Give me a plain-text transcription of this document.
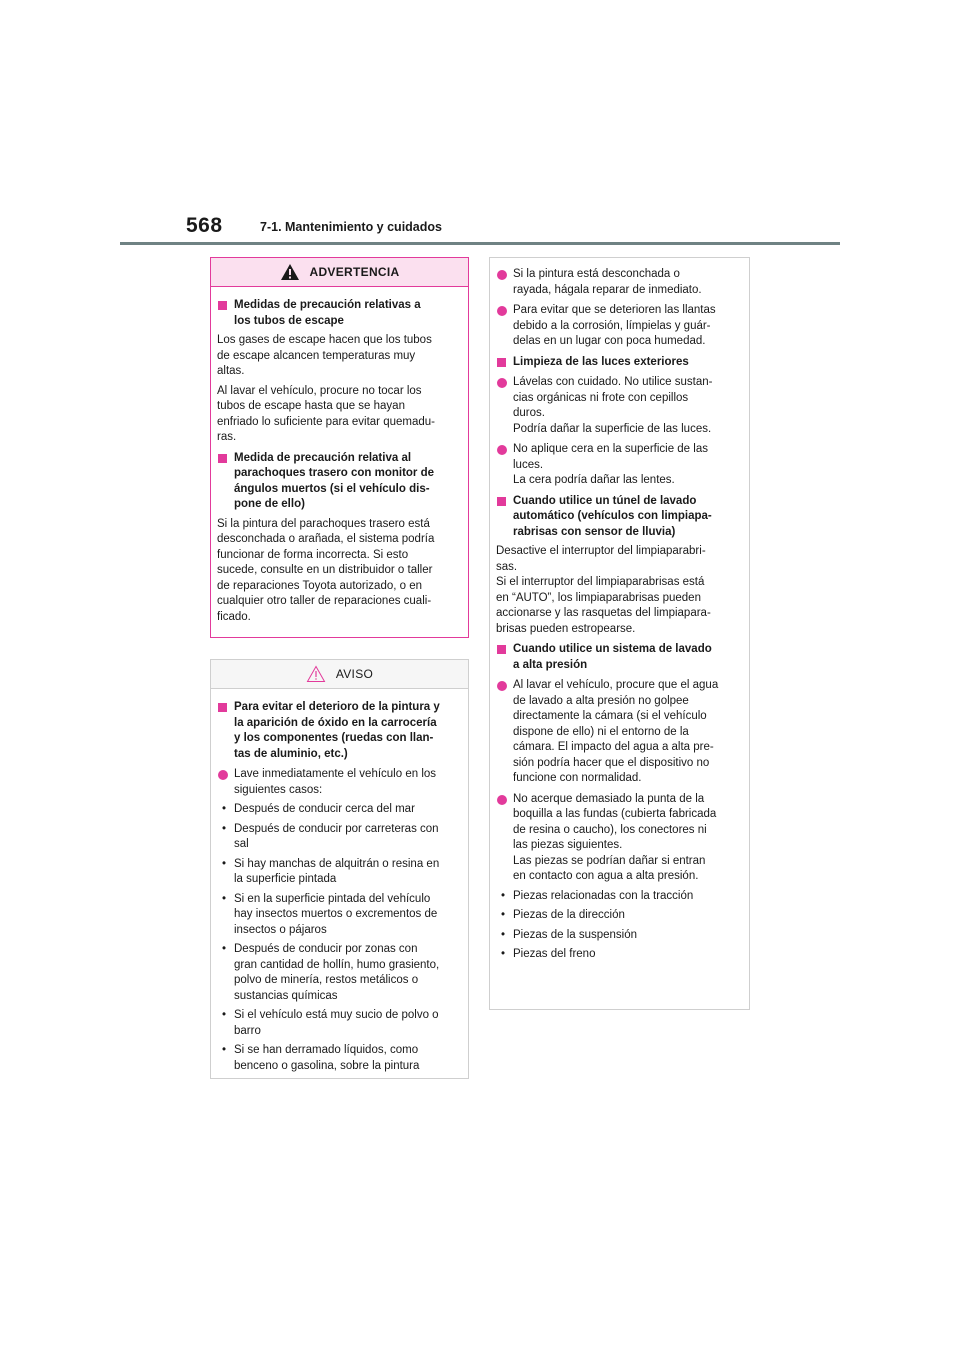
568	7-1. Mantenimiento y cuidados
ADVERTENCIA
Medidas de precaución relativas a
los tubos de escape
Los gases de escape hacen que los tubos
de escape alcancen temperaturas muy
altas.
Al lavar el vehículo, procure no tocar los
tubos de escape hasta que se hayan
enfriado lo suficiente para evitar quemadu-
ras.
Medida de precaución relativa al
parachoques trasero con monitor de
ángulos muertos (si el vehículo dis-
pone de ello)
Si la pintura del parachoques trasero está
desconchada o arañada, el sistema podría
funcionar de forma incorrecta. Si esto
sucede, consulte en un distribuidor o taller
de reparaciones Toyota autorizado, o en
cualquier otro taller de reparaciones cuali-
ficado.
AVISO
Para evitar el deterioro de la pintura y
la aparición de óxido en la carrocería
y los componentes (ruedas con llan-
tas de aluminio, etc.)
Lave inmediatamente el vehículo en los
siguientes casos:
• Después de conducir cerca del mar
• Después de conducir por carreteras con
sal
• Si hay manchas de alquitrán o resina en
la superficie pintada
• Si en la superficie pintada del vehículo
hay insectos muertos o excrementos de
insectos o pájaros
• Después de conducir por zonas con
gran cantidad de hollín, humo grasiento,
polvo de minería, restos metálicos o
sustancias químicas
• Si el vehículo está muy sucio de polvo o
barro
• Si se han derramado líquidos, como
benceno o gasolina, sobre la pintura
Si la pintura está desconchada o
rayada, hágala reparar de inmediato.
Para evitar que se deterioren las llantas
debido a la corrosión, límpielas y guár-
delas en un lugar con poca humedad.
Limpieza de las luces exteriores
Lávelas con cuidado. No utilice sustan-
cias orgánicas ni frote con cepillos
duros.
Podría dañar la superficie de las luces.
No aplique cera en la superficie de las
luces.
La cera podría dañar las lentes.
Cuando utilice un túnel de lavado
automático (vehículos con limpiapa-
rabrisas con sensor de lluvia)
Desactive el interruptor del limpiaparabri-
sas.
Si el interruptor del limpiaparabrisas está
en “AUTO”, los limpiaparabrisas pueden
accionarse y las rasquetas del limpiapara-
brisas pueden estropearse.
Cuando utilice un sistema de lavado
a alta presión
Al lavar el vehículo, procure que el agua
de lavado a alta presión no golpee
directamente la cámara (si el vehículo
dispone de ello) ni el entorno de la
cámara. El impacto del agua a alta pre-
sión podría hacer que el dispositivo no
funcione con normalidad.
No acerque demasiado la punta de la
boquilla a las fundas (cubierta fabricada
de resina o caucho), los conectores ni
las piezas siguientes.
Las piezas se podrían dañar si entran
en contacto con agua a alta presión.
• Piezas relacionadas con la tracción
• Piezas de la dirección
• Piezas de la suspensión
• Piezas del freno
